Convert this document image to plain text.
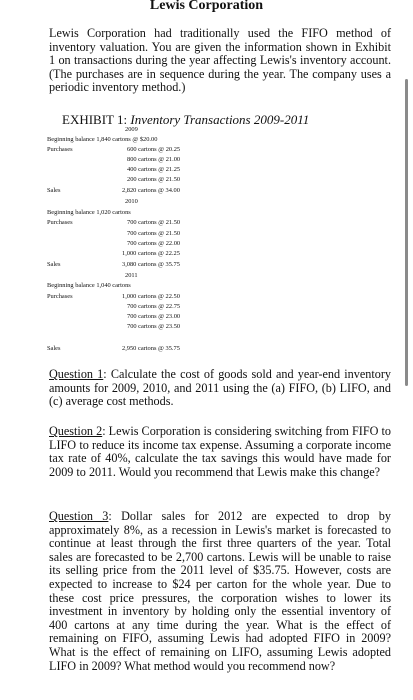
Lewis Corporation

Lewis Corporation had traditionally used the FIFO method of inventory valuation. You are given the information shown in Exhibit 1 on transactions during the year affecting Lewis's inventory account. (The purchases are in sequence during the year. The company uses a periodic inventory method.)

EXHIBIT 1: Inventory Transactions 2009-2011
2009
Beginning balance 1,840 cartons @ $20.00
Purchases	600 cartons @ 20.25
800 cartons @ 21.00
400 cartons @ 21.25
200 cartons @ 21.50
Sales	2,820 cartons @ 34.00
2010
Beginning balance 1,020 cartons
Purchases	700 cartons @ 21.50
700 cartons @ 21.50
700 cartons @ 22.00
1,000 cartons @ 22.25
Sales	3,080 cartons @ 35.75
2011
Beginning balance 1,040 cartons
Purchases	1,000 cartons @ 22.50
700 cartons @ 22.75
700 cartons @ 23.00
700 cartons @ 23.50
Sales	2,950 cartons @ 35.75

Question 1: Calculate the cost of goods sold and year-end inventory amounts for 2009, 2010, and 2011 using the (a) FIFO, (b) LIFO, and (c) average cost methods.

Question 2: Lewis Corporation is considering switching from FIFO to LIFO to reduce its income tax expense. Assuming a corporate income tax rate of 40%, calculate the tax savings this would have made for 2009 to 2011. Would you recommend that Lewis make this change?

Question 3: Dollar sales for 2012 are expected to drop by approximately 8%, as a recession in Lewis's market is forecasted to continue at least through the first three quarters of the year. Total sales are forecasted to be 2,700 cartons. Lewis will be unable to raise its selling price from the 2011 level of $35.75. However, costs are expected to increase to $24 per carton for the whole year. Due to these cost price pressures, the corporation wishes to lower its investment in inventory by holding only the essential inventory of 400 cartons at any time during the year. What is the effect of remaining on FIFO, assuming Lewis had adopted FIFO in 2009? What is the effect of remaining on LIFO, assuming Lewis adopted LIFO in 2009? What method would you recommend now?
